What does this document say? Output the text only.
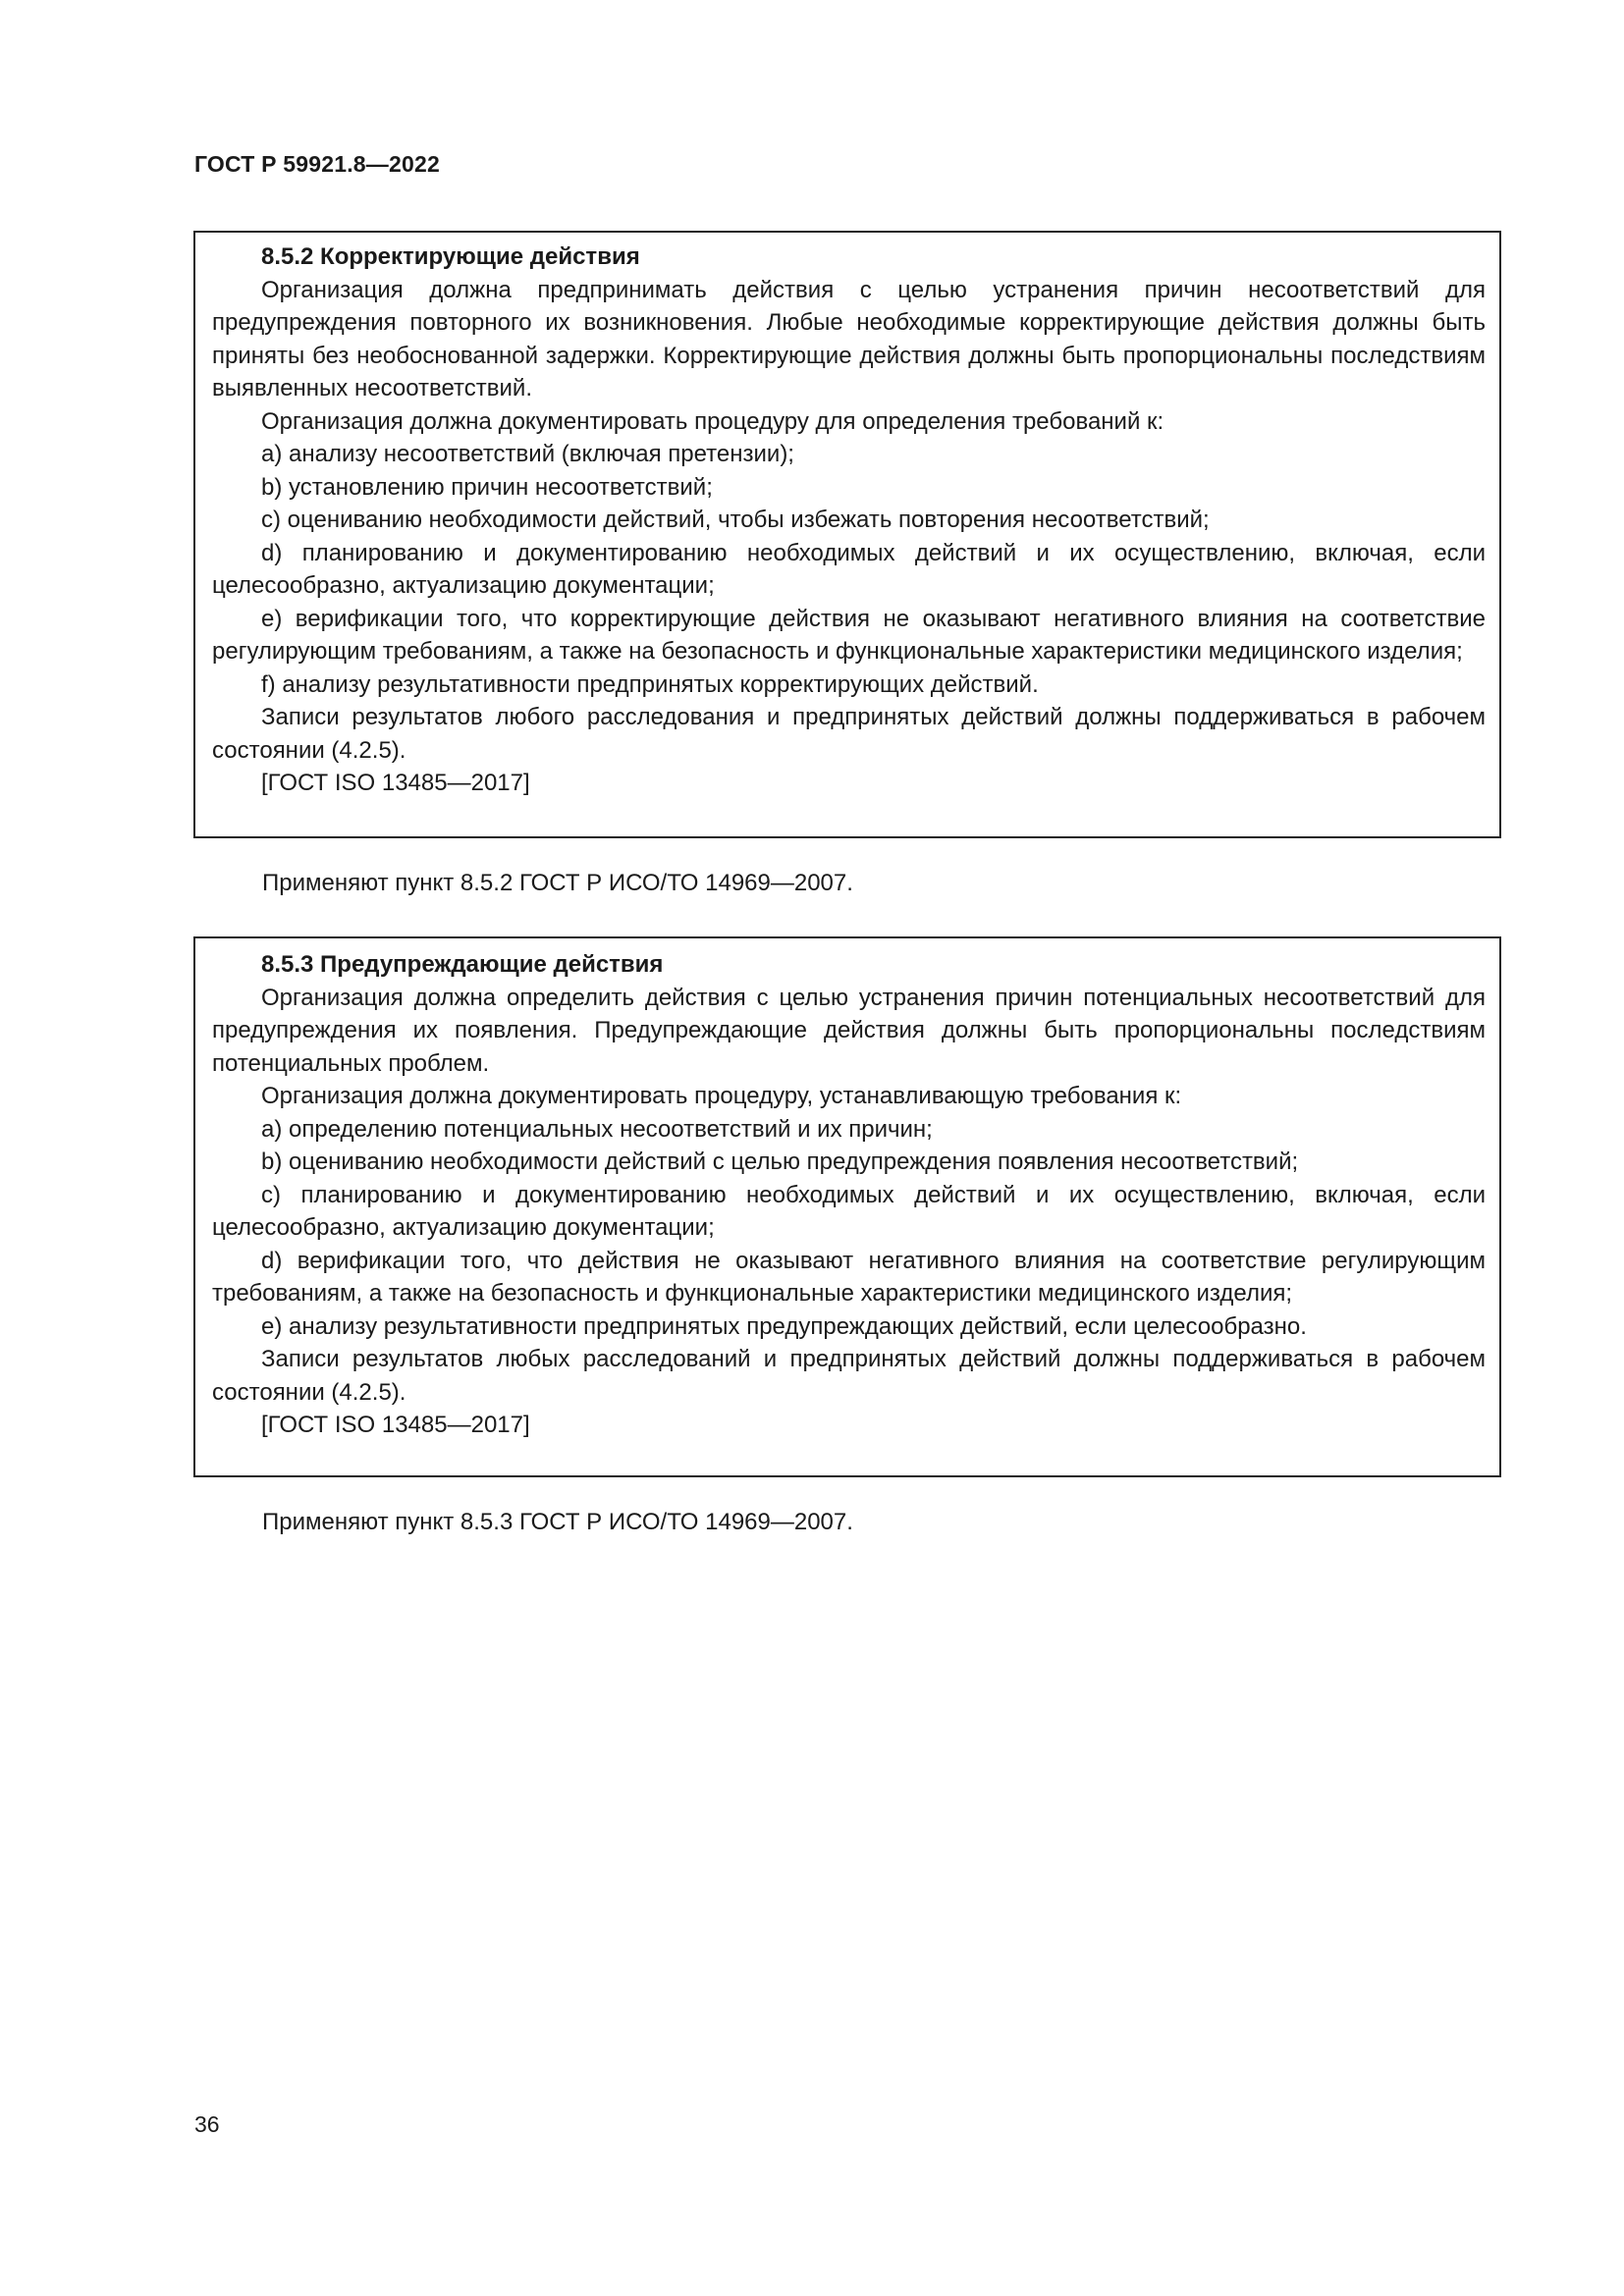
ГОСТ Р 59921.8—2022

8.5.2 Корректирующие действия

Организация должна предпринимать действия с целью устранения причин несоответствий для предупреждения повторного их возникновения. Любые необходимые корректирующие действия должны быть приняты без необоснованной задержки. Корректирующие действия должны быть пропорциональны последствиям выявленных несоответствий.

Организация должна документировать процедуру для определения требований к:

a) анализу несоответствий (включая претензии);

b) установлению причин несоответствий;

c) оцениванию необходимости действий, чтобы избежать повторения несоответствий;

d) планированию и документированию необходимых действий и их осуществлению, включая, если целесообразно, актуализацию документации;

e) верификации того, что корректирующие действия не оказывают негативного влияния на соответствие регулирующим требованиям, а также на безопасность и функциональные характеристики медицинского изделия;

f) анализу результативности предпринятых корректирующих действий.

Записи результатов любого расследования и предпринятых действий должны поддерживаться в рабочем состоянии (4.2.5).

[ГОСТ ISO 13485—2017]

Применяют пункт 8.5.2 ГОСТ Р ИСО/ТО 14969—2007.

8.5.3 Предупреждающие действия

Организация должна определить действия с целью устранения причин потенциальных несоответствий для предупреждения их появления. Предупреждающие действия должны быть пропорциональны последствиям потенциальных проблем.

Организация должна документировать процедуру, устанавливающую требования к:

a) определению потенциальных несоответствий и их причин;

b) оцениванию необходимости действий с целью предупреждения появления несоответствий;

c) планированию и документированию необходимых действий и их осуществлению, включая, если целесообразно, актуализацию документации;

d) верификации того, что действия не оказывают негативного влияния на соответствие регулирующим требованиям, а также на безопасность и функциональные характеристики медицинского изделия;

e) анализу результативности предпринятых предупреждающих действий, если целесообразно.

Записи результатов любых расследований и предпринятых действий должны поддерживаться в рабочем состоянии (4.2.5).

[ГОСТ ISO 13485—2017]

Применяют пункт 8.5.3 ГОСТ Р ИСО/ТО 14969—2007.
36
